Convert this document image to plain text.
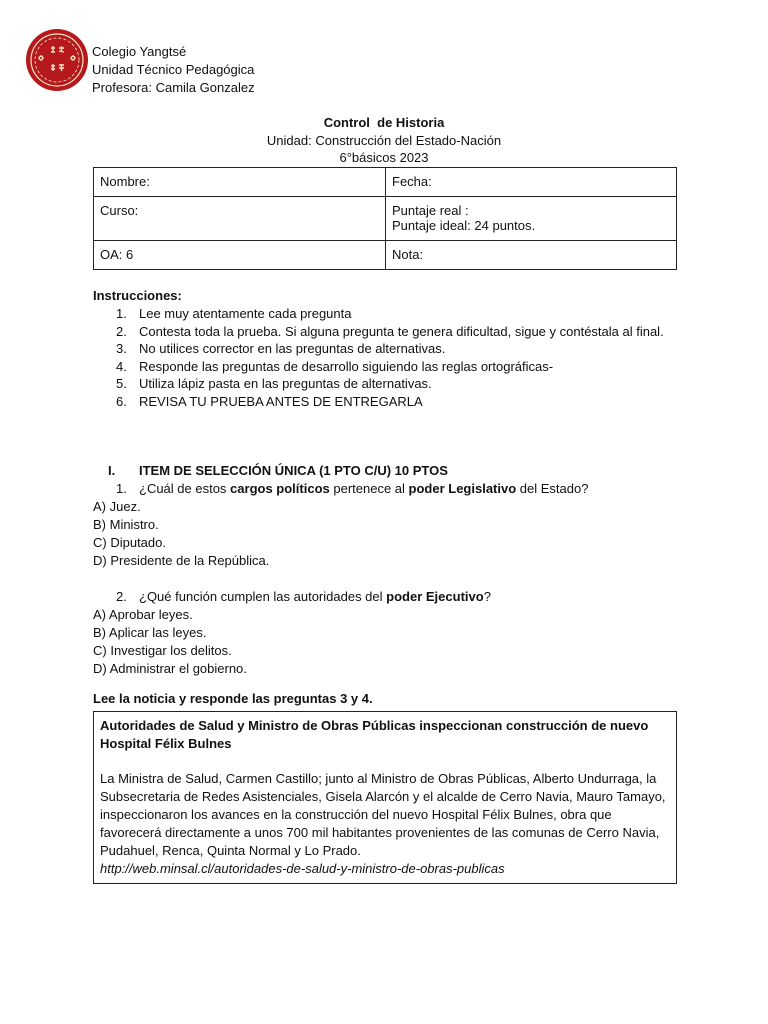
Colegio Yangtsé
Unidad Técnico Pedagógica
Profesora: Camila Gonzalez
Control  de Historia
Unidad: Construcción del Estado-Nación
6°básicos 2023
Nombre:	Fecha:
Curso:	Puntaje real :
Puntaje ideal: 24 puntos.

OA: 6	Nota:
Instrucciones:
1. Lee muy atentamente cada pregunta
2. Contesta toda la prueba. Si alguna pregunta te genera dificultad, sigue y contéstala al final.
3. No utilices corrector en las preguntas de alternativas.
4. Responde las preguntas de desarrollo siguiendo las reglas ortográficas-
5. Utiliza lápiz pasta en las preguntas de alternativas.
6. REVISA TU PRUEBA ANTES DE ENTREGARLA
I. ITEM DE SELECCIÓN ÚNICA (1 PTO C/U) 10 PTOS
1. ¿Cuál de estos cargos políticos pertenece al poder Legislativo del Estado?
A) Juez.
B) Ministro.
C) Diputado.
D) Presidente de la República.
2. ¿Qué función cumplen las autoridades del poder Ejecutivo?
A) Aprobar leyes.
B) Aplicar las leyes.
C) Investigar los delitos.
D) Administrar el gobierno.
Lee la noticia y responde las preguntas 3 y 4.
Autoridades de Salud y Ministro de Obras Públicas inspeccionan construcción de nuevo Hospital Félix Bulnes
La Ministra de Salud, Carmen Castillo; junto al Ministro de Obras Públicas, Alberto Undurraga, la Subsecretaria de Redes Asistenciales, Gisela Alarcón y el alcalde de Cerro Navia, Mauro Tamayo, inspeccionaron los avances en la construcción del nuevo Hospital Félix Bulnes, obra que favorecerá directamente a unos 700 mil habitantes provenientes de las comunas de Cerro Navia, Pudahuel, Renca, Quinta Normal y Lo Prado.
http://web.minsal.cl/autoridades-de-salud-y-ministro-de-obras-publicas
